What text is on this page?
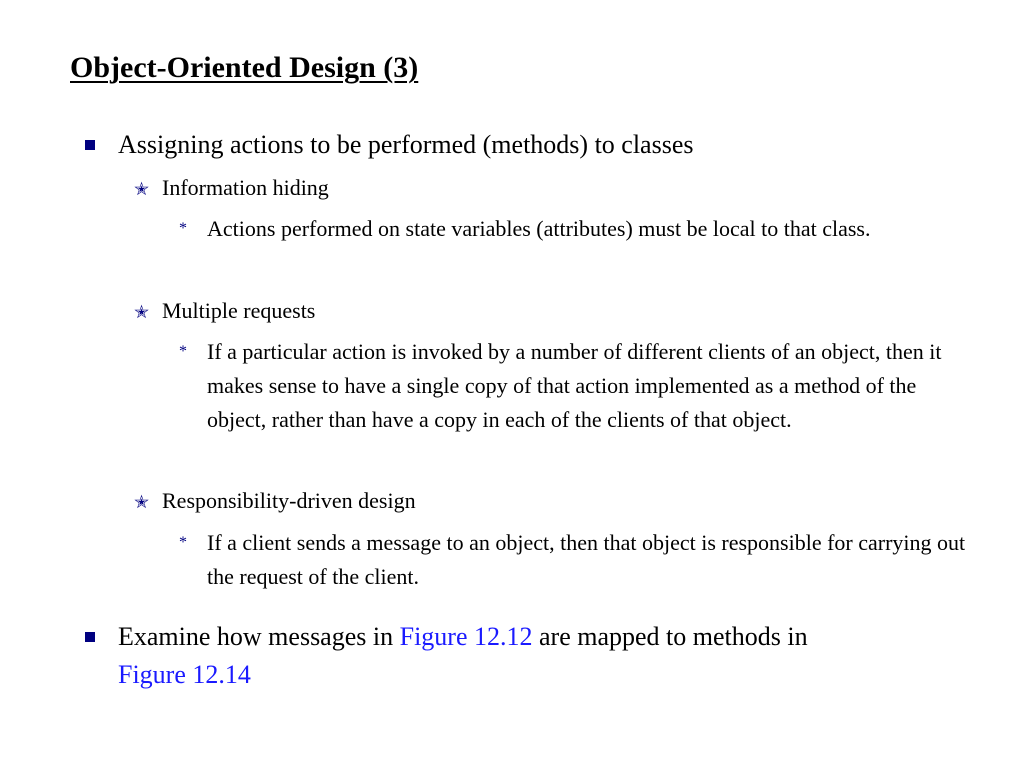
Object-Oriented Design (3)
Assigning actions to be performed (methods) to classes
✭ Information hiding
* Actions performed on state variables (attributes) must be local to that class.
✭ Multiple requests
* If a particular action is invoked by a number of different clients of an object, then it makes sense to have a single copy of that action implemented as a method of the object, rather than have a copy in each of the clients of that object.
✭ Responsibility-driven design
* If a client sends a message to an object, then that object is responsible for carrying out the request of the client.
Examine how messages in Figure 12.12 are mapped to methods in
Figure 12.14
